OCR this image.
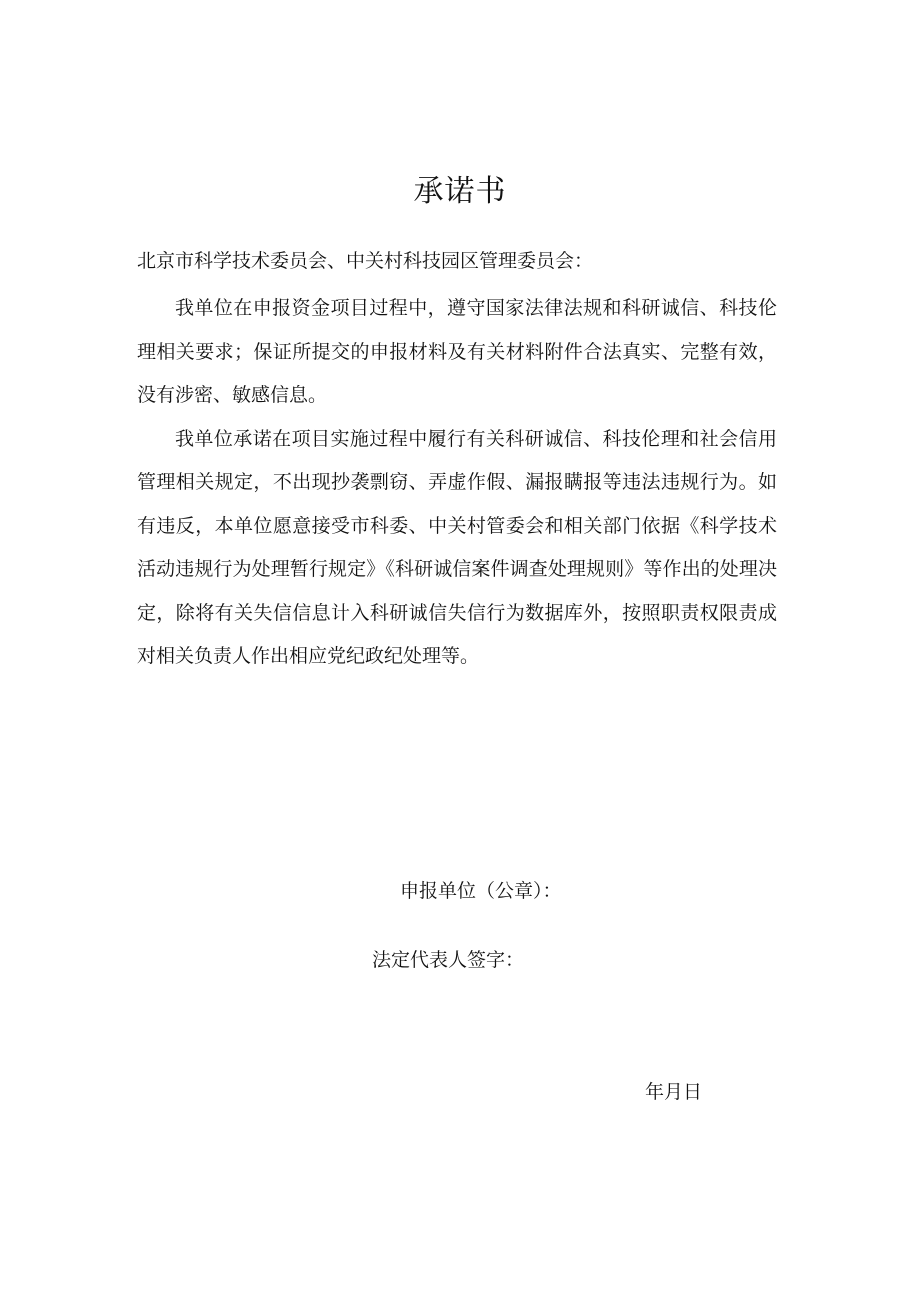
承诺书
北京市科学技术委员会、中关村科技园区管理委员会：

我单位在申报资金项目过程中，遵守国家法律法规和科研诚信、科技伦理相关要求；保证所提交的申报材料及有关材料附件合法真实、完整有效，没有涉密、敏感信息。

我单位承诺在项目实施过程中履行有关科研诚信、科技伦理和社会信用管理相关规定，不出现抄袭剽窃、弄虚作假、漏报瞒报等违法违规行为。如有违反，本单位愿意接受市科委、中关村管委会和相关部门依据《科学技术活动违规行为处理暂行规定》《科研诚信案件调查处理规则》等作出的处理决定，除将有关失信信息计入科研诚信失信行为数据库外，按照职责权限责成对相关负责人作出相应党纪政纪处理等。

申报单位（公章）：
法定代表人签字：
年月日
